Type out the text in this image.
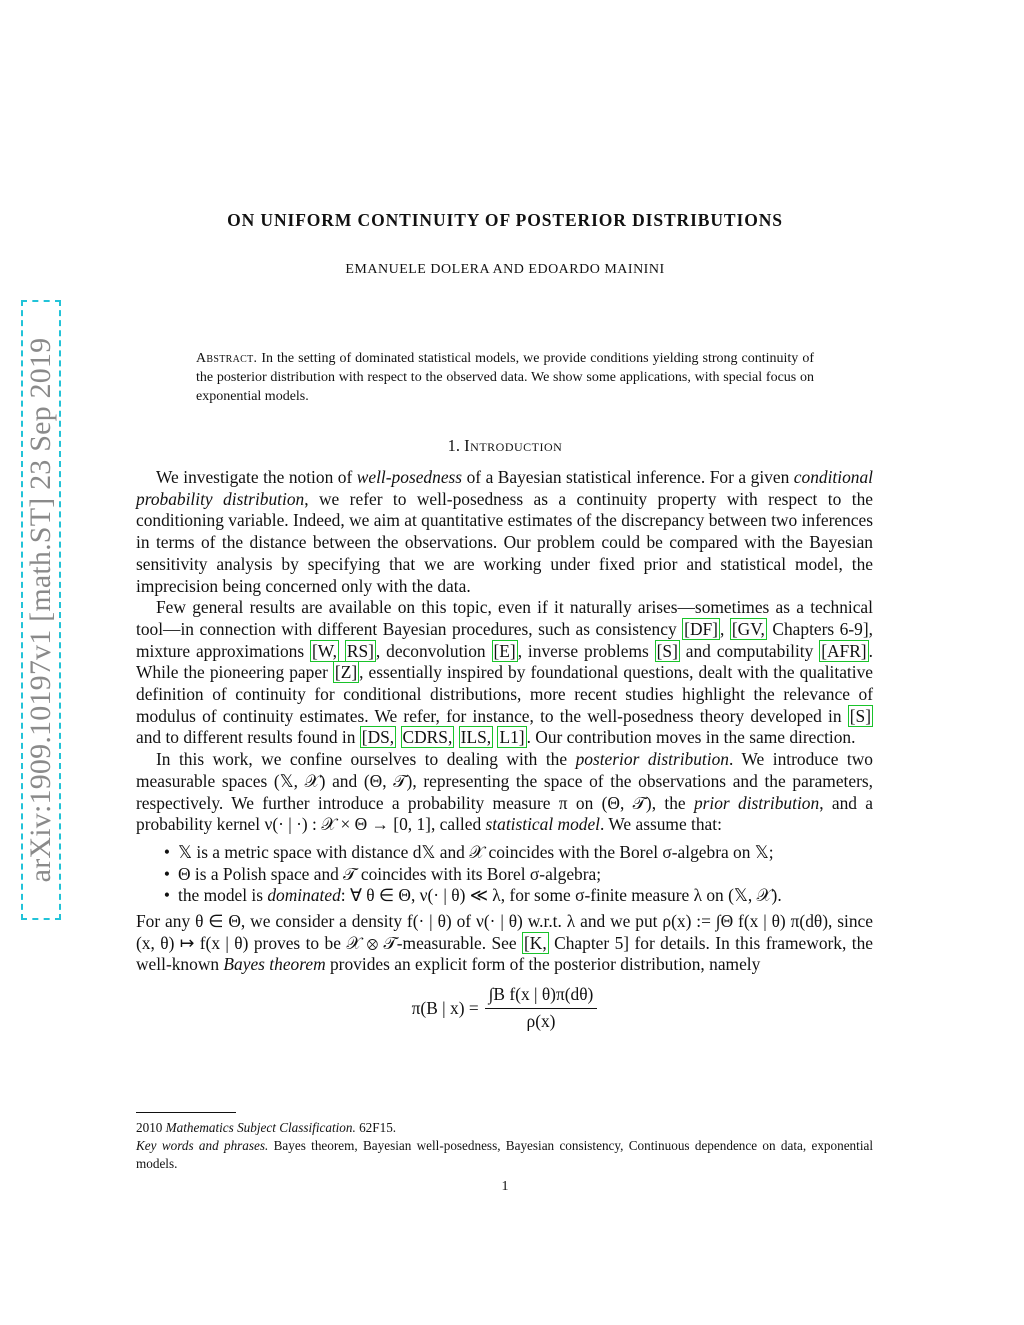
arXiv:1909.10197v1 [math.ST] 23 Sep 2019
ON UNIFORM CONTINUITY OF POSTERIOR DISTRIBUTIONS
EMANUELE DOLERA AND EDOARDO MAININI
Abstract. In the setting of dominated statistical models, we provide conditions yielding strong continuity of the posterior distribution with respect to the observed data. We show some applications, with special focus on exponential models.
1. Introduction

We investigate the notion of well-posedness of a Bayesian statistical inference. For a given conditional probability distribution, we refer to well-posedness as a continuity property with respect to the conditioning variable. Indeed, we aim at quantitative estimates of the discrepancy between two inferences in terms of the distance between the observations. Our problem could be compared with the Bayesian sensitivity analysis by specifying that we are working under fixed prior and statistical model, the imprecision being concerned only with the data.

Few general results are available on this topic, even if it naturally arises—sometimes as a technical tool—in connection with different Bayesian procedures, such as consistency [DF] , [GV, Chapters 6-9], mixture approximations [W, RS] , deconvolution [E] , inverse problems [S] and computability [AFR] . While the pioneering paper [Z] , essentially inspired by foundational questions, dealt with the qualitative definition of continuity for conditional distributions, more recent studies highlight the relevance of modulus of continuity estimates. We refer, for instance, to the well-posedness theory developed in [S] and to different results found in [DS, CDRS, ILS, L1] . Our contribution moves in the same direction.

In this work, we confine ourselves to dealing with the posterior distribution. We introduce two measurable spaces (𝕏, 𝒳) and (Θ, 𝒯), representing the space of the observations and the parameters, respectively. We further introduce a probability measure π on (Θ, 𝒯), the prior distribution, and a probability kernel ν(· | ·) : 𝒳 × Θ → [0, 1], called statistical model. We assume that:

• 𝕏 is a metric space with distance d𝕏 and 𝒳 coincides with the Borel σ-algebra on 𝕏;
• Θ is a Polish space and 𝒯 coincides with its Borel σ-algebra;
• the model is dominated: ∀ θ ∈ Θ, ν(· | θ) ≪ λ, for some σ-finite measure λ on (𝕏, 𝒳).

For any θ ∈ Θ, we consider a density f(· | θ) of ν(· | θ) w.r.t. λ and we put ρ(x) := ∫Θ f(x | θ) π(dθ), since (x, θ) ↦ f(x | θ) proves to be 𝒳 ⊗ 𝒯-measurable. See [K, Chapter 5] for details. In this framework, the well-known Bayes theorem provides an explicit form of the posterior distribution, namely

π(B | $x) = \frac{\text{∫B f(x | θ)π(dθ)}}{\rho(x)}$
2010 Mathematics Subject Classification. 62F15.
Key words and phrases. Bayes theorem, Bayesian well-posedness, Bayesian consistency, Continuous dependence on data, exponential models.
1
